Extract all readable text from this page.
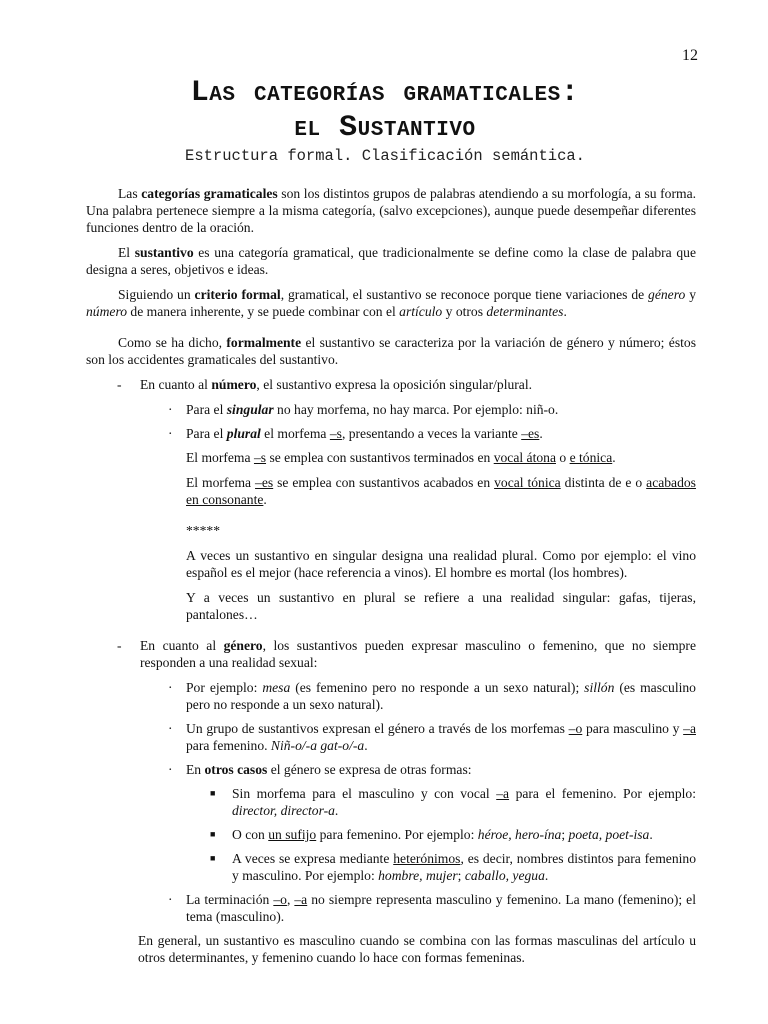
12
Las categorías gramaticales:
el Sustantivo
Estructura formal. Clasificación semántica.

Las categorías gramaticales son los distintos grupos de palabras atendiendo a su morfología, a su forma. Una palabra pertenece siempre a la misma categoría, (salvo excepciones), aunque puede desempeñar diferentes funciones dentro de la oración.

El sustantivo es una categoría gramatical, que tradicionalmente se define como la clase de palabra que designa a seres, objetivos e ideas.

Siguiendo un criterio formal, gramatical, el sustantivo se reconoce porque tiene variaciones de género y número de manera inherente, y se puede combinar con el artículo y otros determinantes.

Como se ha dicho, formalmente el sustantivo se caracteriza por la variación de género y número; éstos son los accidentes gramaticales del sustantivo.

- En cuanto al número, el sustantivo expresa la oposición singular/plural.
· Para el singular no hay morfema, no hay marca. Por ejemplo: niñ-o.
· Para el plural el morfema –s, presentando a veces la variante –es.

El morfema –s se emplea con sustantivos terminados en vocal átona o e tónica.

El morfema –es se emplea con sustantivos acabados en vocal tónica distinta de e o acabados en consonante.

*****

A veces un sustantivo en singular designa una realidad plural. Como por ejemplo: el vino español es el mejor (hace referencia a vinos). El hombre es mortal (los hombres).

Y a veces un sustantivo en plural se refiere a una realidad singular: gafas, tijeras, pantalones…

- En cuanto al género, los sustantivos pueden expresar masculino o femenino, que no siempre responden a una realidad sexual:
· Por ejemplo: mesa (es femenino pero no responde a un sexo natural); sillón (es masculino pero no responde a un sexo natural).
· Un grupo de sustantivos expresan el género a través de los morfemas –o para masculino y –a para femenino. Niñ-o/-a gat-o/-a.
· En otros casos el género se expresa de otras formas:
■ Sin morfema para el masculino y con vocal –a para el femenino. Por ejemplo: director, director-a.
■ O con un sufijo para femenino. Por ejemplo: héroe, hero-ína; poeta, poet-isa.
■ A veces se expresa mediante heterónimos, es decir, nombres distintos para femenino y masculino. Por ejemplo: hombre, mujer; caballo, yegua.
· La terminación –o, –a no siempre representa masculino y femenino. La mano (femenino); el tema (masculino).

En general, un sustantivo es masculino cuando se combina con las formas masculinas del artículo u otros determinantes, y femenino cuando lo hace con formas femeninas.
